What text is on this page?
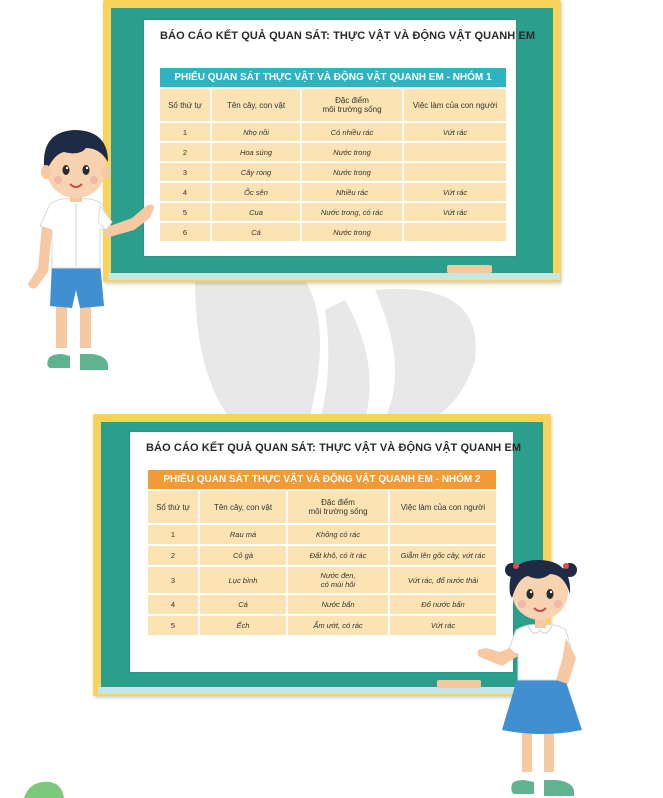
BÁO CÁO KẾT QUẢ QUAN SÁT: THỰC VẬT VÀ ĐỘNG VẬT QUANH EM
PHIẾU QUAN SÁT THỰC VẬT VÀ ĐỘNG VẬT QUANH EM - NHÓM 1			
Số thứ tự	Tên cây, con vật	Đặc điểm
môi trường sống	Việc làm của con người
1	Nhọ nồi	Có nhiều rác	Vứt rác
2	Hoa súng	Nước trong	
3	Cây rong	Nước trong	
4	Ốc sên	Nhiều rác	Vứt rác
5	Cua	Nước trong, có rác	Vứt rác
6	Cá	Nước trong	
BÁO CÁO KẾT QUẢ QUAN SÁT: THỰC VẬT VÀ ĐỘNG VẬT QUANH EM
PHIẾU QUAN SÁT THỰC VẬT VÀ ĐỘNG VẬT QUANH EM - NHÓM 2			
Số thứ tự	Tên cây, con vật	Đặc điểm
môi trường sống	Việc làm của con người
1	Rau má	Không có rác	

2	Cỏ gà	Đất khô, có ít rác	Giẫm lên gốc cây, vứt rác
3	Lục bình	Nước đen,
có mùi hôi	Vứt rác, đổ nước thải
4	Cá	Nước bẩn	Đổ nước bẩn
5	Ếch	Ẩm ướt, có rác	Vứt rác
